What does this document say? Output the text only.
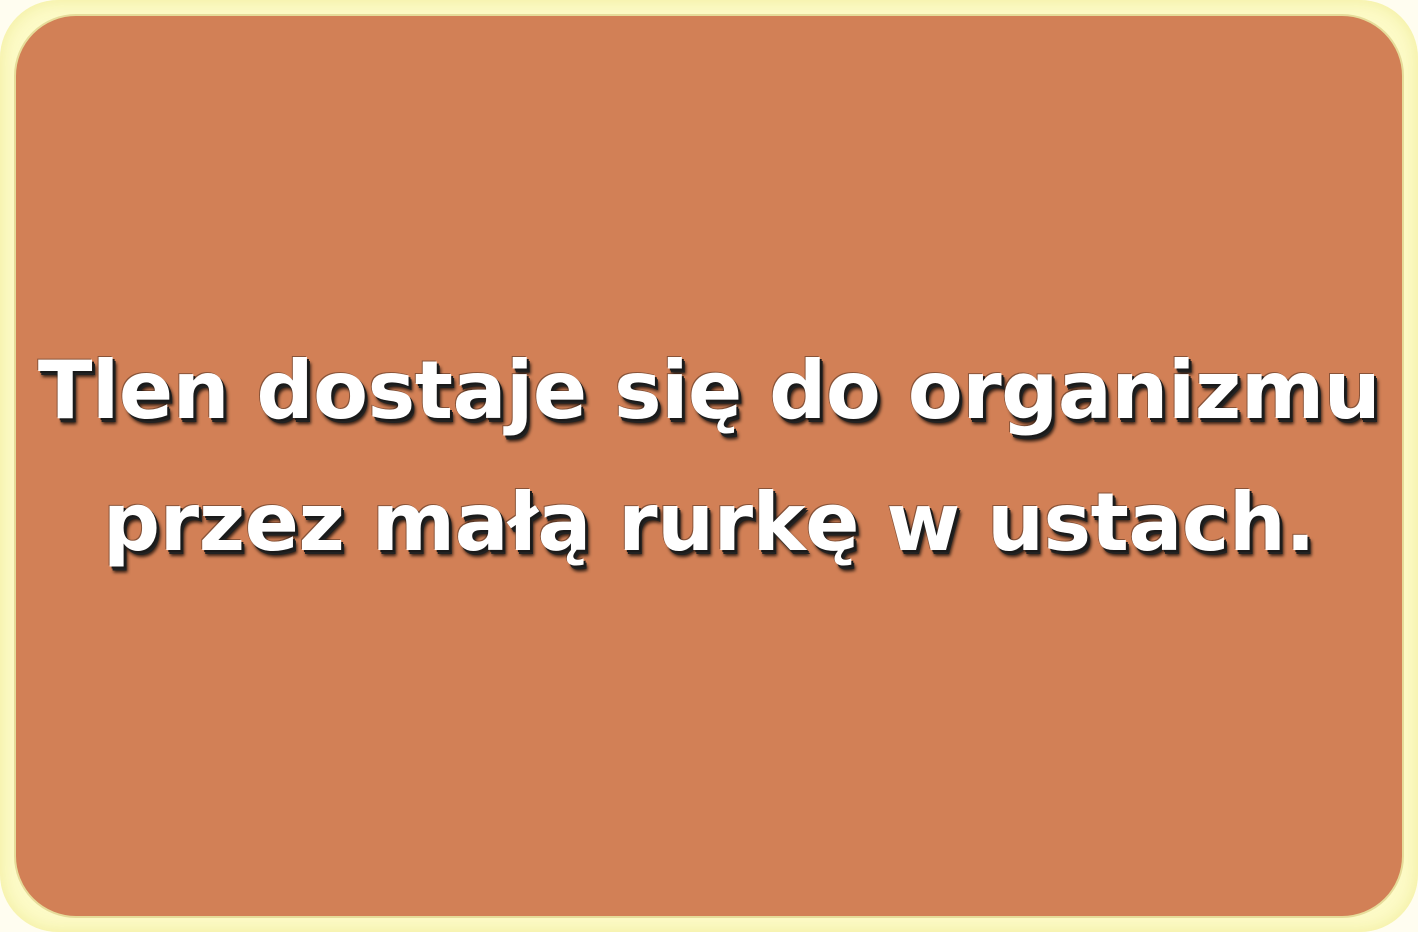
Tlen dostaje się do organizmu
przez małą rurkę w ustach.
